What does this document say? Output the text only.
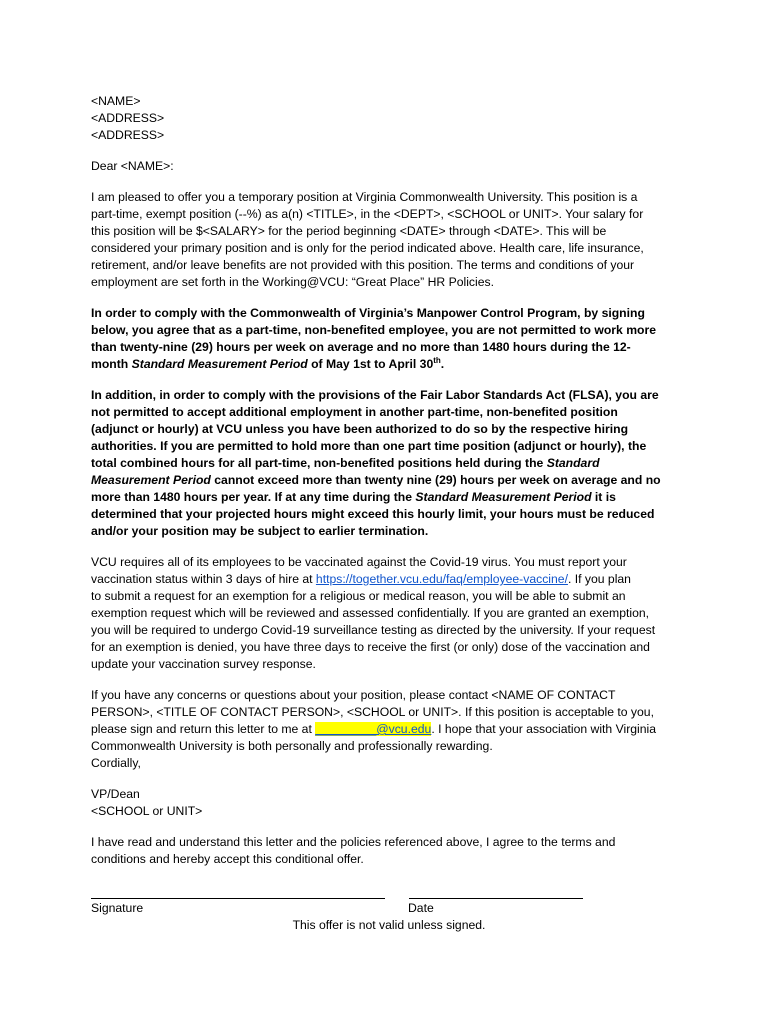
<NAME>
<ADDRESS>
<ADDRESS>
Dear <NAME>:
I am pleased to offer you a temporary position at Virginia Commonwealth University. This position is a
part-time, exempt position (--%) as a(n) <TITLE>, in the <DEPT>, <SCHOOL or UNIT>. Your salary for
this position will be $<SALARY> for the period beginning <DATE> through <DATE>. This will be
considered your primary position and is only for the period indicated above. Health care, life insurance,
retirement, and/or leave benefits are not provided with this position. The terms and conditions of your
employment are set forth in the Working@VCU: “Great Place” HR Policies.
In order to comply with the Commonwealth of Virginia’s Manpower Control Program, by signing
below, you agree that as a part-time, non-benefited employee, you are not permitted to work more
than twenty-nine (29) hours per week on average and no more than 1480 hours during the 12-
month Standard Measurement Period of May 1st to April 30th.
In addition, in order to comply with the provisions of the Fair Labor Standards Act (FLSA), you are
not permitted to accept additional employment in another part-time, non-benefited position
(adjunct or hourly) at VCU unless you have been authorized to do so by the respective hiring
authorities. If you are permitted to hold more than one part time position (adjunct or hourly), the
total combined hours for all part-time, non-benefited positions held during the Standard
Measurement Period cannot exceed more than twenty nine (29) hours per week on average and no
more than 1480 hours per year. If at any time during the Standard Measurement Period it is
determined that your projected hours might exceed this hourly limit, your hours must be reduced
and/or your position may be subject to earlier termination.
VCU requires all of its employees to be vaccinated against the Covid-19 virus. You must report your
vaccination status within 3 days of hire at https://together.vcu.edu/faq/employee-vaccine/. If you plan
to submit a request for an exemption for a religious or medical reason, you will be able to submit an
exemption request which will be reviewed and assessed confidentially. If you are granted an exemption,
you will be required to undergo Covid-19 surveillance testing as directed by the university. If your request
for an exemption is denied, you have three days to receive the first (or only) dose of the vaccination and
update your vaccination survey response.
If you have any concerns or questions about your position, please contact <NAME OF CONTACT
PERSON>, <TITLE OF CONTACT PERSON>, <SCHOOL or UNIT>. If this position is acceptable to you,
please sign and return this letter to me at _________@vcu.edu. I hope that your association with Virginia
Commonwealth University is both personally and professionally rewarding.
Cordially,
VP/Dean
<SCHOOL or UNIT>
I have read and understand this letter and the policies referenced above, I agree to the terms and
conditions and hereby accept this conditional offer.
Signature	Date
This offer is not valid unless signed.
